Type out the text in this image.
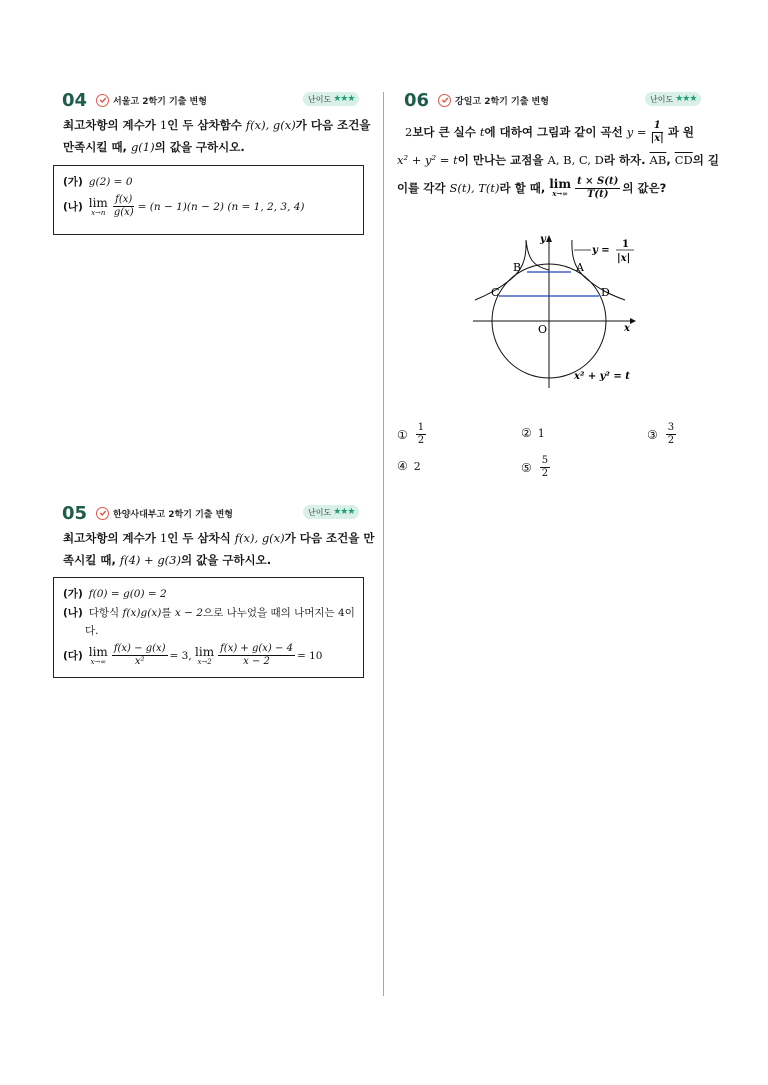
04	서울고 2학기 기출 변형	난이도 ★★★
최고차항의 계수가 1인 두 삼차함수 f(x), g(x)가 다음 조건을
만족시킬 때, g(1)의 값을 구하시오.
(가) g(2) = 0
(나) lim
$x\to n \frac{f(x)}{g(x)} = (n - 1)(n - 2) (n = 1$, 2, 3, 4)
05	한양사대부고 2학기 기출 변형	난이도 ★★★
최고차항의 계수가 1인 두 삼차식 f(x), g(x)가 다음 조건을 만
족시킬 때, f(4) + g(3)의 값을 구하시오.
(가) f(0) = g(0) = 2
(나) 다항식
f(x)g(x) 를
x − 2 으로 나누었을 때의 나머지는
4 이
다.
(다) lim
$x\to\infty \frac{f(x) - g(x)}{\text{x²}} = 3$,
lim
$x\to 2 \frac{f(x) + g(x) - 4}{x - 2} = 10$
06	강일고 2학기 기출 변형	난이도 ★★★
2 보다 큰 실수
t 에 대하여 그림과 같이 곡선
$y = \frac{1}{|x|}$ 과 원
x² + y² = t 이 만나는 교점을
A, B, C, D 라 하자.
$\overline{AB}$ , $\overline{CD}$ 의 길
이를 각각
S(t), T(t) 라 할 때,
lim
$x\to\infty \frac{t \times S(t)}{T(t)}$ 의 값은?
y
x
O
A
B
C	D
y =
1
|x|
x² + y² = t
① $\frac{1}{2}$	② 1	③ $\frac{3}{2}$
④ 2	⑤ $\frac{5}{2}$
